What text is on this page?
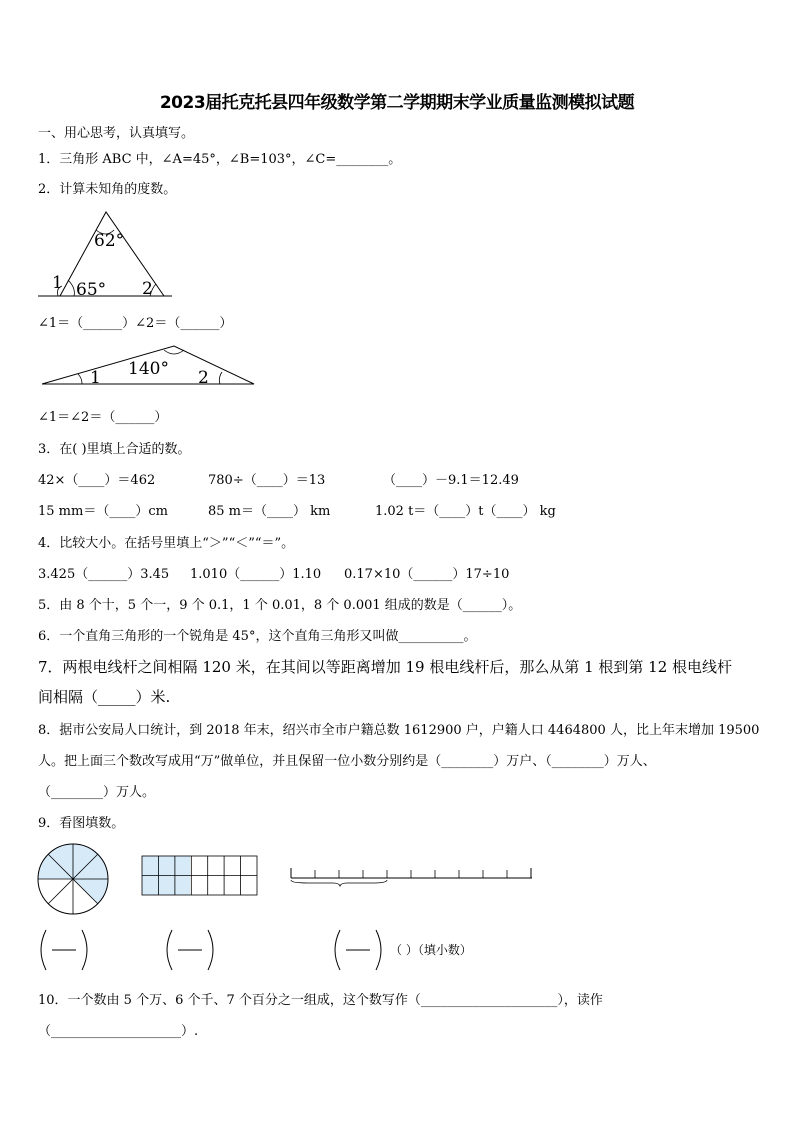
2023届托克托县四年级数学第二学期期末学业质量监测模拟试题
一、用心思考，认真填写。
1．三角形 ABC 中，∠A=45°，∠B=103°，∠C=________。
2．计算未知角的度数。
62°
65°
1	2
∠1＝（______）∠2＝（______）
140°
1	2
∠1＝∠2＝（______）
3．在( )里填上合适的数。
42×（____）＝462	780÷（____）＝13	（____）－9.1＝12.49
15 mm＝（____）cm	85 m＝（____） km	1.02 t＝（____）t（____） kg
4．比较大小。在括号里填上“＞”“＜”“＝”。
3.425（______）3.45 1.010（______）1.10 0.17×10（______）17÷10
5．由 8 个十，5 个一，9 个 0.1，1 个 0.01，8 个 0.001 组成的数是（______）。
6．一个直角三角形的一个锐角是 45°，这个直角三角形又叫做__________。
7．两根电线杆之间相隔 120 米，在其间以等距离增加 19 根电线杆后，那么从第 1 根到第 12 根电线杆
间相隔（_____）米.
8．据市公安局人口统计，到 2018 年末，绍兴市全市户籍总数 1612900 户，户籍人口 4464800 人，比上年末增加 19500
人。把上面三个数改写成用“万”做单位，并且保留一位小数分别约是（________）万户、（________）万人、
（________）万人。
9．看图填数。
（ ）（填小数）
10．一个数由 5 个万、6 个千、7 个百分之一组成，这个数写作（_____________________），读作
（____________________）.
